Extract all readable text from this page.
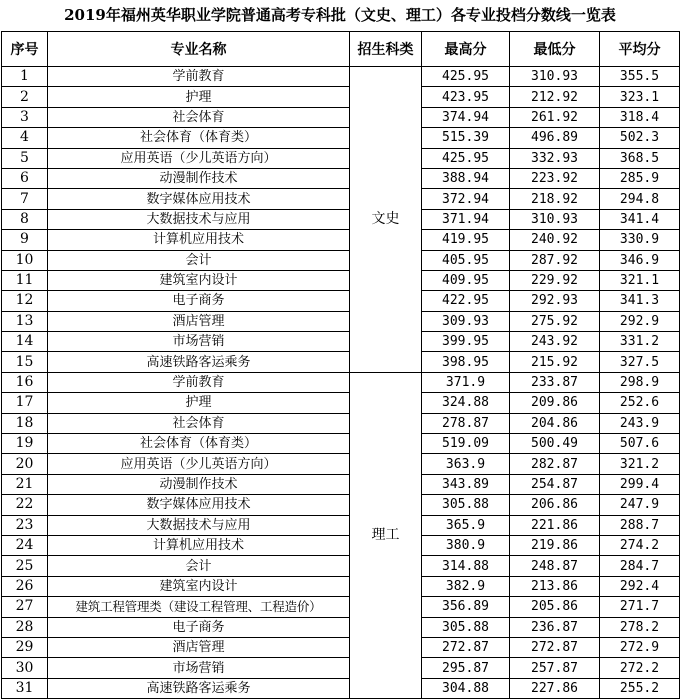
2019年福州英华职业学院普通高考专科批（文史、理工）各专业投档分数线一览表
序号	专业名称	招生科类	最高分	最低分	平均分
1	学前教育	文史	425.95	310.93	355.5
2	护理		423.95	212.92	323.1
3	社会体育		374.94	261.92	318.4
4	社会体育（体育类）		515.39	496.89	502.3
5	应用英语（少儿英语方向）		425.95	332.93	368.5
6	动漫制作技术		388.94	223.92	285.9
7	数字媒体应用技术		372.94	218.92	294.8
8	大数据技术与应用		371.94	310.93	341.4
9	计算机应用技术		419.95	240.92	330.9
10	会计		405.95	287.92	346.9
11	建筑室内设计		409.95	229.92	321.1
12	电子商务		422.95	292.93	341.3
13	酒店管理		309.93	275.92	292.9
14	市场营销		399.95	243.92	331.2
15	高速铁路客运乘务		398.95	215.92	327.5
16	学前教育	理工	371.9	233.87	298.9
17	护理		324.88	209.86	252.6
18	社会体育		278.87	204.86	243.9
19	社会体育（体育类）		519.09	500.49	507.6
20	应用英语（少儿英语方向）		363.9	282.87	321.2
21	动漫制作技术		343.89	254.87	299.4
22	数字媒体应用技术		305.88	206.86	247.9
23	大数据技术与应用		365.9	221.86	288.7
24	计算机应用技术		380.9	219.86	274.2
25	会计		314.88	248.87	284.7
26	建筑室内设计		382.9	213.86	292.4
27	建筑工程管理类（建设工程管理、工程造价）		356.89	205.86	271.7
28	电子商务		305.88	236.87	278.2
29	酒店管理		272.87	272.87	272.9
30	市场营销		295.87	257.87	272.2
31	高速铁路客运乘务		304.88	227.86	255.2
